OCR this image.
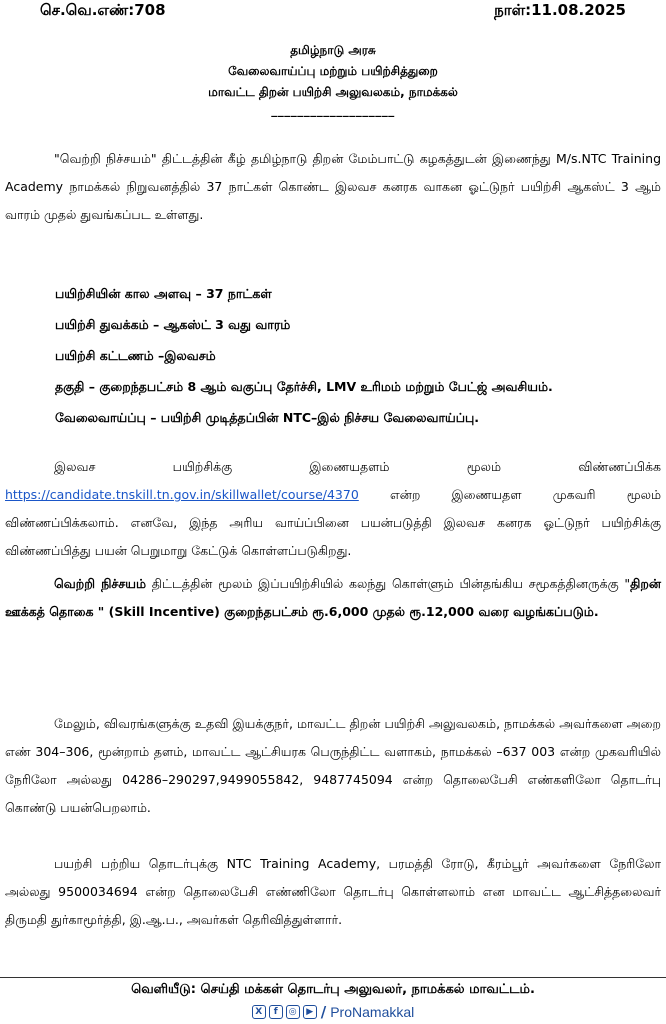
செ.வெ.எண்:708	நாள்:11.08.2025
தமிழ்நாடு அரசு
வேலைவாய்ப்பு மற்றும் பயிற்சித்துறை
மாவட்ட திறன் பயிற்சி அலுவலகம், நாமக்கல்
___________________
"வெற்றி நிச்சயம்" திட்டத்தின் கீழ் தமிழ்நாடு திறன் மேம்பாட்டு கழகத்துடன் இணைந்து M/s.NTC Training Academy நாமக்கல் நிறுவனத்தில் 37 நாட்கள் கொண்ட இலவச கனரக வாகன ஓட்டுநர் பயிற்சி ஆகஸ்ட் 3 ஆம் வாரம் முதல் துவங்கப்பட உள்ளது.
பயிற்சியின் கால அளவு – 37 நாட்கள்
பயிற்சி துவக்கம் – ஆகஸ்ட் 3 வது வாரம்
பயிற்சி கட்டணம் –இலவசம்
தகுதி – குறைந்தபட்சம் 8 ஆம் வகுப்பு தேர்ச்சி, LMV உரிமம் மற்றும் பேட்ஜ் அவசியம்.
வேலைவாய்ப்பு – பயிற்சி முடித்தப்பின் NTC–இல் நிச்சய வேலைவாய்ப்பு.
இலவச பயிற்சிக்கு இணையதளம் மூலம் விண்ணப்பிக்க
https://candidate.tnskill.tn.gov.in/skillwallet/course/4370 என்ற இணையதள முகவரி மூலம் விண்ணப்பிக்கலாம். எனவே, இந்த அரிய வாய்ப்பினை பயன்படுத்தி இலவச கனரக ஓட்டுநர் பயிற்சிக்கு விண்ணப்பித்து பயன் பெறுமாறு கேட்டுக் கொள்ளப்படுகிறது.
வெற்றி நிச்சயம் திட்டத்தின் மூலம் இப்பயிற்சியில் கலந்து கொள்ளும் பின்தங்கிய சமூகத்தினருக்கு "திறன் ஊக்கத் தொகை " (Skill Incentive) குறைந்தபட்சம் ரூ.6,000 முதல் ரூ.12,000 வரை வழங்கப்படும்.
மேலும், விவரங்களுக்கு உதவி இயக்குநர், மாவட்ட திறன் பயிற்சி அலுவலகம், நாமக்கல் அவர்களை அறை எண் 304–306, மூன்றாம் தளம், மாவட்ட ஆட்சியரக பெருந்திட்ட வளாகம், நாமக்கல் –637 003 என்ற முகவரியில் நேரிலோ அல்லது 04286–290297,9499055842, 9487745094 என்ற தொலைபேசி எண்களிலோ தொடர்பு கொண்டு பயன்பெறலாம்.
பயற்சி பற்றிய தொடர்புக்கு NTC Training Academy, பரமத்தி ரோடு, கீரம்பூர் அவர்களை நேரிலோ அல்லது 9500034694 என்ற தொலைபேசி எண்ணிலோ தொடர்பு கொள்ளலாம் என மாவட்ட ஆட்சித்தலைவர் திருமதி துர்காமூர்த்தி, இ.ஆ.ப., அவர்கள் தெரிவித்துள்ளார்.
வெளியீடு: செய்தி மக்கள் தொடர்பு அலுவலர், நாமக்கல் மாவட்டம்.
X	f	◎	▶ / ProNamakkal
